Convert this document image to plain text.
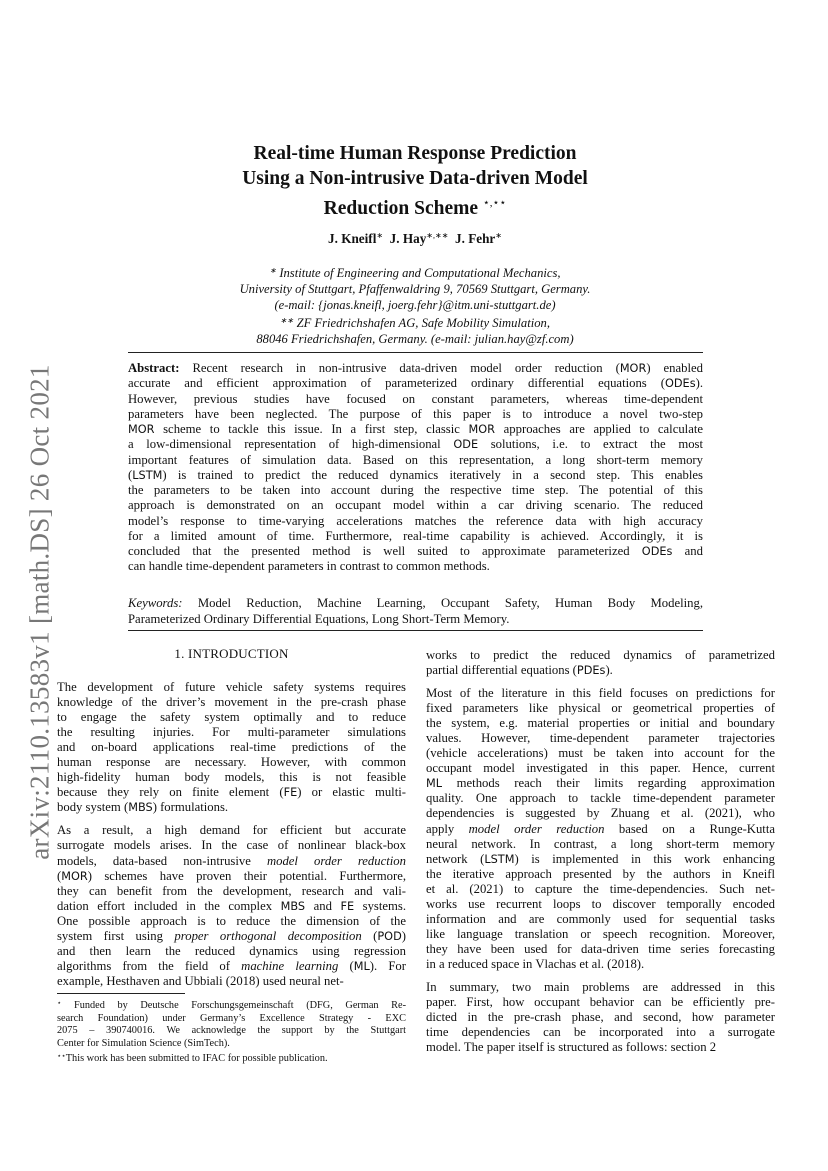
arXiv:2110.13583v1 [math.DS] 26 Oct 2021
Real-time Human Response Prediction
Using a Non-intrusive Data-driven Model
Reduction Scheme ⋆,⋆⋆
J. Kneifl∗ J. Hay∗,∗∗ J. Fehr∗
∗ Institute of Engineering and Computational Mechanics,
University of Stuttgart, Pfaffenwaldring 9, 70569 Stuttgart, Germany.
(e-mail: {jonas.kneifl, joerg.fehr}@itm.uni-stuttgart.de)
∗∗ ZF Friedrichshafen AG, Safe Mobility Simulation,
88046 Friedrichshafen, Germany. (e-mail: julian.hay@zf.com)
Abstract: Recent research in non-intrusive data-driven model order reduction (MOR) enabled
accurate and efficient approximation of parameterized ordinary differential equations (ODEs).
However, previous studies have focused on constant parameters, whereas time-dependent
parameters have been neglected. The purpose of this paper is to introduce a novel two-step
MOR scheme to tackle this issue. In a first step, classic MOR approaches are applied to calculate
a low-dimensional representation of high-dimensional ODE solutions, i.e. to extract the most
important features of simulation data. Based on this representation, a long short-term memory
(LSTM) is trained to predict the reduced dynamics iteratively in a second step. This enables
the parameters to be taken into account during the respective time step. The potential of this
approach is demonstrated on an occupant model within a car driving scenario. The reduced
model’s response to time-varying accelerations matches the reference data with high accuracy
for a limited amount of time. Furthermore, real-time capability is achieved. Accordingly, it is
concluded that the presented method is well suited to approximate parameterized ODEs and
can handle time-dependent parameters in contrast to common methods.
Keywords: Model Reduction, Machine Learning, Occupant Safety, Human Body Modeling,
Parameterized Ordinary Differential Equations, Long Short-Term Memory.
1. INTRODUCTION
The development of future vehicle safety systems requires
knowledge of the driver’s movement in the pre-crash phase
to engage the safety system optimally and to reduce
the resulting injuries. For multi-parameter simulations
and on-board applications real-time predictions of the
human response are necessary. However, with common
high-fidelity human body models, this is not feasible
because they rely on finite element (FE) or elastic multi-
body system (MBS) formulations.
As a result, a high demand for efficient but accurate
surrogate models arises. In the case of nonlinear black-box
models, data-based non-intrusive model order reduction
(MOR) schemes have proven their potential. Furthermore,
they can benefit from the development, research and vali-
dation effort included in the complex MBS and FE systems.
One possible approach is to reduce the dimension of the
system first using proper orthogonal decomposition (POD)
and then learn the reduced dynamics using regression
algorithms from the field of machine learning (ML). For
example, Hesthaven and Ubbiali (2018) used neural net-
works to predict the reduced dynamics of parametrized
partial differential equations (PDEs).
Most of the literature in this field focuses on predictions for
fixed parameters like physical or geometrical properties of
the system, e.g. material properties or initial and boundary
values. However, time-dependent parameter trajectories
(vehicle accelerations) must be taken into account for the
occupant model investigated in this paper. Hence, current
ML methods reach their limits regarding approximation
quality. One approach to tackle time-dependent parameter
dependencies is suggested by Zhuang et al. (2021), who
apply model order reduction based on a Runge-Kutta
neural network. In contrast, a long short-term memory
network (LSTM) is implemented in this work enhancing
the iterative approach presented by the authors in Kneifl
et al. (2021) to capture the time-dependencies. Such net-
works use recurrent loops to discover temporally encoded
information and are commonly used for sequential tasks
like language translation or speech recognition. Moreover,
they have been used for data-driven time series forecasting
in a reduced space in Vlachas et al. (2018).
In summary, two main problems are addressed in this
paper. First, how occupant behavior can be efficiently pre-
dicted in the pre-crash phase, and second, how parameter
time dependencies can be incorporated into a surrogate
model. The paper itself is structured as follows: section 2
⋆ Funded by Deutsche Forschungsgemeinschaft (DFG, German Re-
search Foundation) under Germany’s Excellence Strategy - EXC
2075 – 390740016. We acknowledge the support by the Stuttgart
Center for Simulation Science (SimTech).
⋆⋆This work has been submitted to IFAC for possible publication.
